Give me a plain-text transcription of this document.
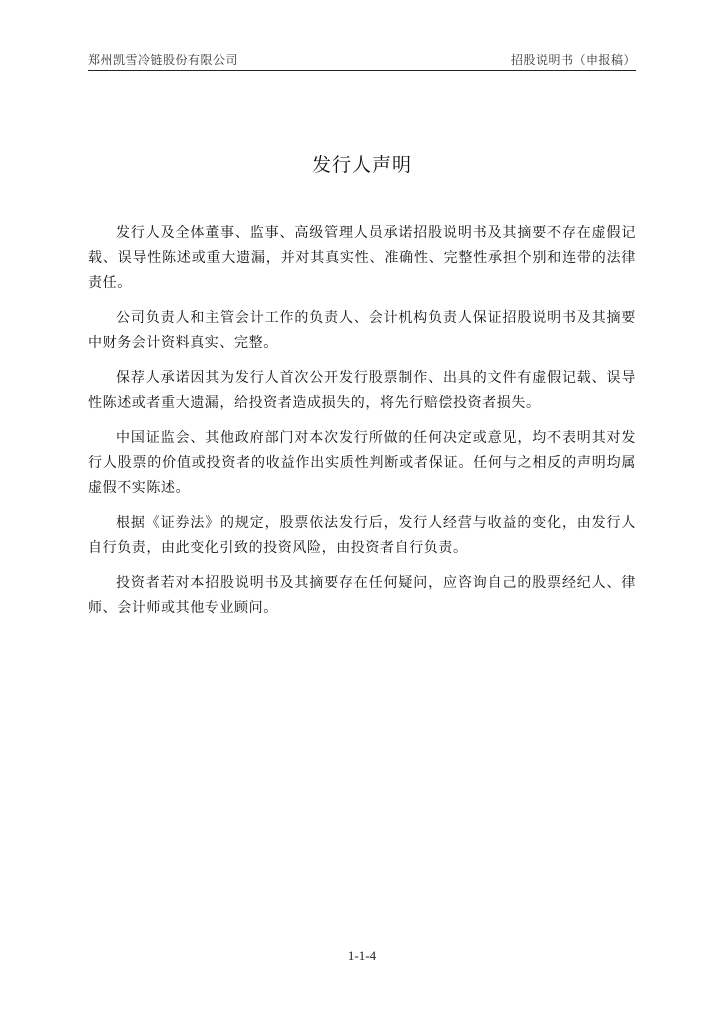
郑州凯雪冷链股份有限公司	招股说明书（申报稿）
发行人声明

发行人及全体董事、监事、高级管理人员承诺招股说明书及其摘要不存在虚假记载、误导性陈述或重大遗漏，并对其真实性、准确性、完整性承担个别和连带的法律责任。

公司负责人和主管会计工作的负责人、会计机构负责人保证招股说明书及其摘要中财务会计资料真实、完整。

保荐人承诺因其为发行人首次公开发行股票制作、出具的文件有虚假记载、误导性陈述或者重大遗漏，给投资者造成损失的，将先行赔偿投资者损失。

中国证监会、其他政府部门对本次发行所做的任何决定或意见，均不表明其对发行人股票的价值或投资者的收益作出实质性判断或者保证。任何与之相反的声明均属虚假不实陈述。

根据《证券法》的规定，股票依法发行后，发行人经营与收益的变化，由发行人自行负责，由此变化引致的投资风险，由投资者自行负责。

投资者若对本招股说明书及其摘要存在任何疑问，应咨询自己的股票经纪人、律师、会计师或其他专业顾问。

1-1-4
